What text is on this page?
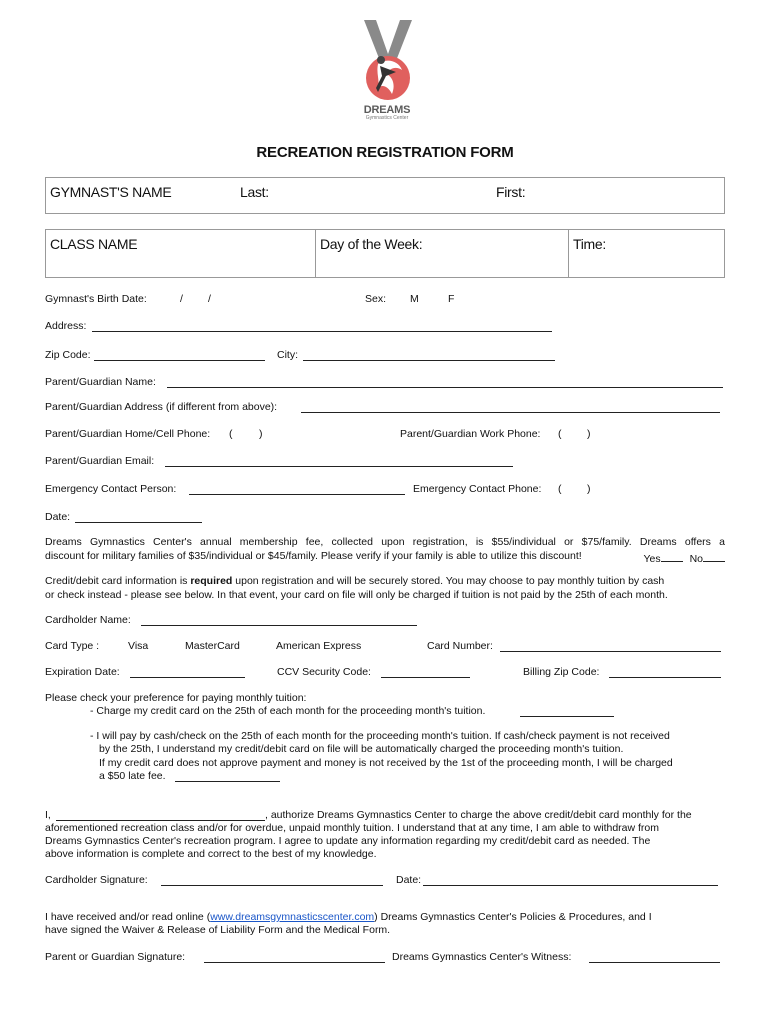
DREAMS
Gymnastics Center
RECREATION REGISTRATION FORM
GYMNAST'S NAME	Last:	First:
CLASS NAME	Day of the Week:	Time:
Gymnast's Birth Date:	/ /	Sex: M	F
Address:
Zip Code:	City:
Parent/Guardian Name:
Parent/Guardian Address (if different from above):
Parent/Guardian Home/Cell Phone: (	)	Parent/Guardian Work Phone: ( )
Parent/Guardian Email:
Emergency Contact Person:	Emergency Contact Phone: ( )
Date:
Dreams Gymnastics Center's annual membership fee, collected upon registration, is $55/individual or $75/family. Dreams offers a
discount for military families of $35/individual or $45/family. Please verify if your family is able to utilize this discount!	Yes	No
Credit/debit card information is required upon registration and will be securely stored. You may choose to pay monthly tuition by cash
or check instead - please see below. In that event, your card on file will only be charged if tuition is not paid by the 25th of each month.
Cardholder Name:
Card Type :	Visa	MasterCard	American Express	Card Number:
Expiration Date:	CCV Security Code:	Billing Zip Code:
Please check your preference for paying monthly tuition:
- Charge my credit card on the 25th of each month for the proceeding month's tuition.
- I will pay by cash/check on the 25th of each month for the proceeding month's tuition. If cash/check payment is not received
by the 25th, I understand my credit/debit card on file will be automatically charged the proceeding month's tuition.
If my credit card does not approve payment and money is not received by the 1st of the proceeding month, I will be charged
a $50 late fee.
I,	, authorize Dreams Gymnastics Center to charge the above credit/debit card monthly for the
aforementioned recreation class and/or for overdue, unpaid monthly tuition. I understand that at any time, I am able to withdraw from
Dreams Gymnastics Center's recreation program. I agree to update any information regarding my credit/debit card as needed. The
above information is complete and correct to the best of my knowledge.
Cardholder Signature:	Date:
I have received and/or read online (www.dreamsgymnasticscenter.com) Dreams Gymnastics Center's Policies & Procedures, and I
have signed the Waiver & Release of Liability Form and the Medical Form.
Parent or Guardian Signature:	Dreams Gymnastics Center's Witness:
